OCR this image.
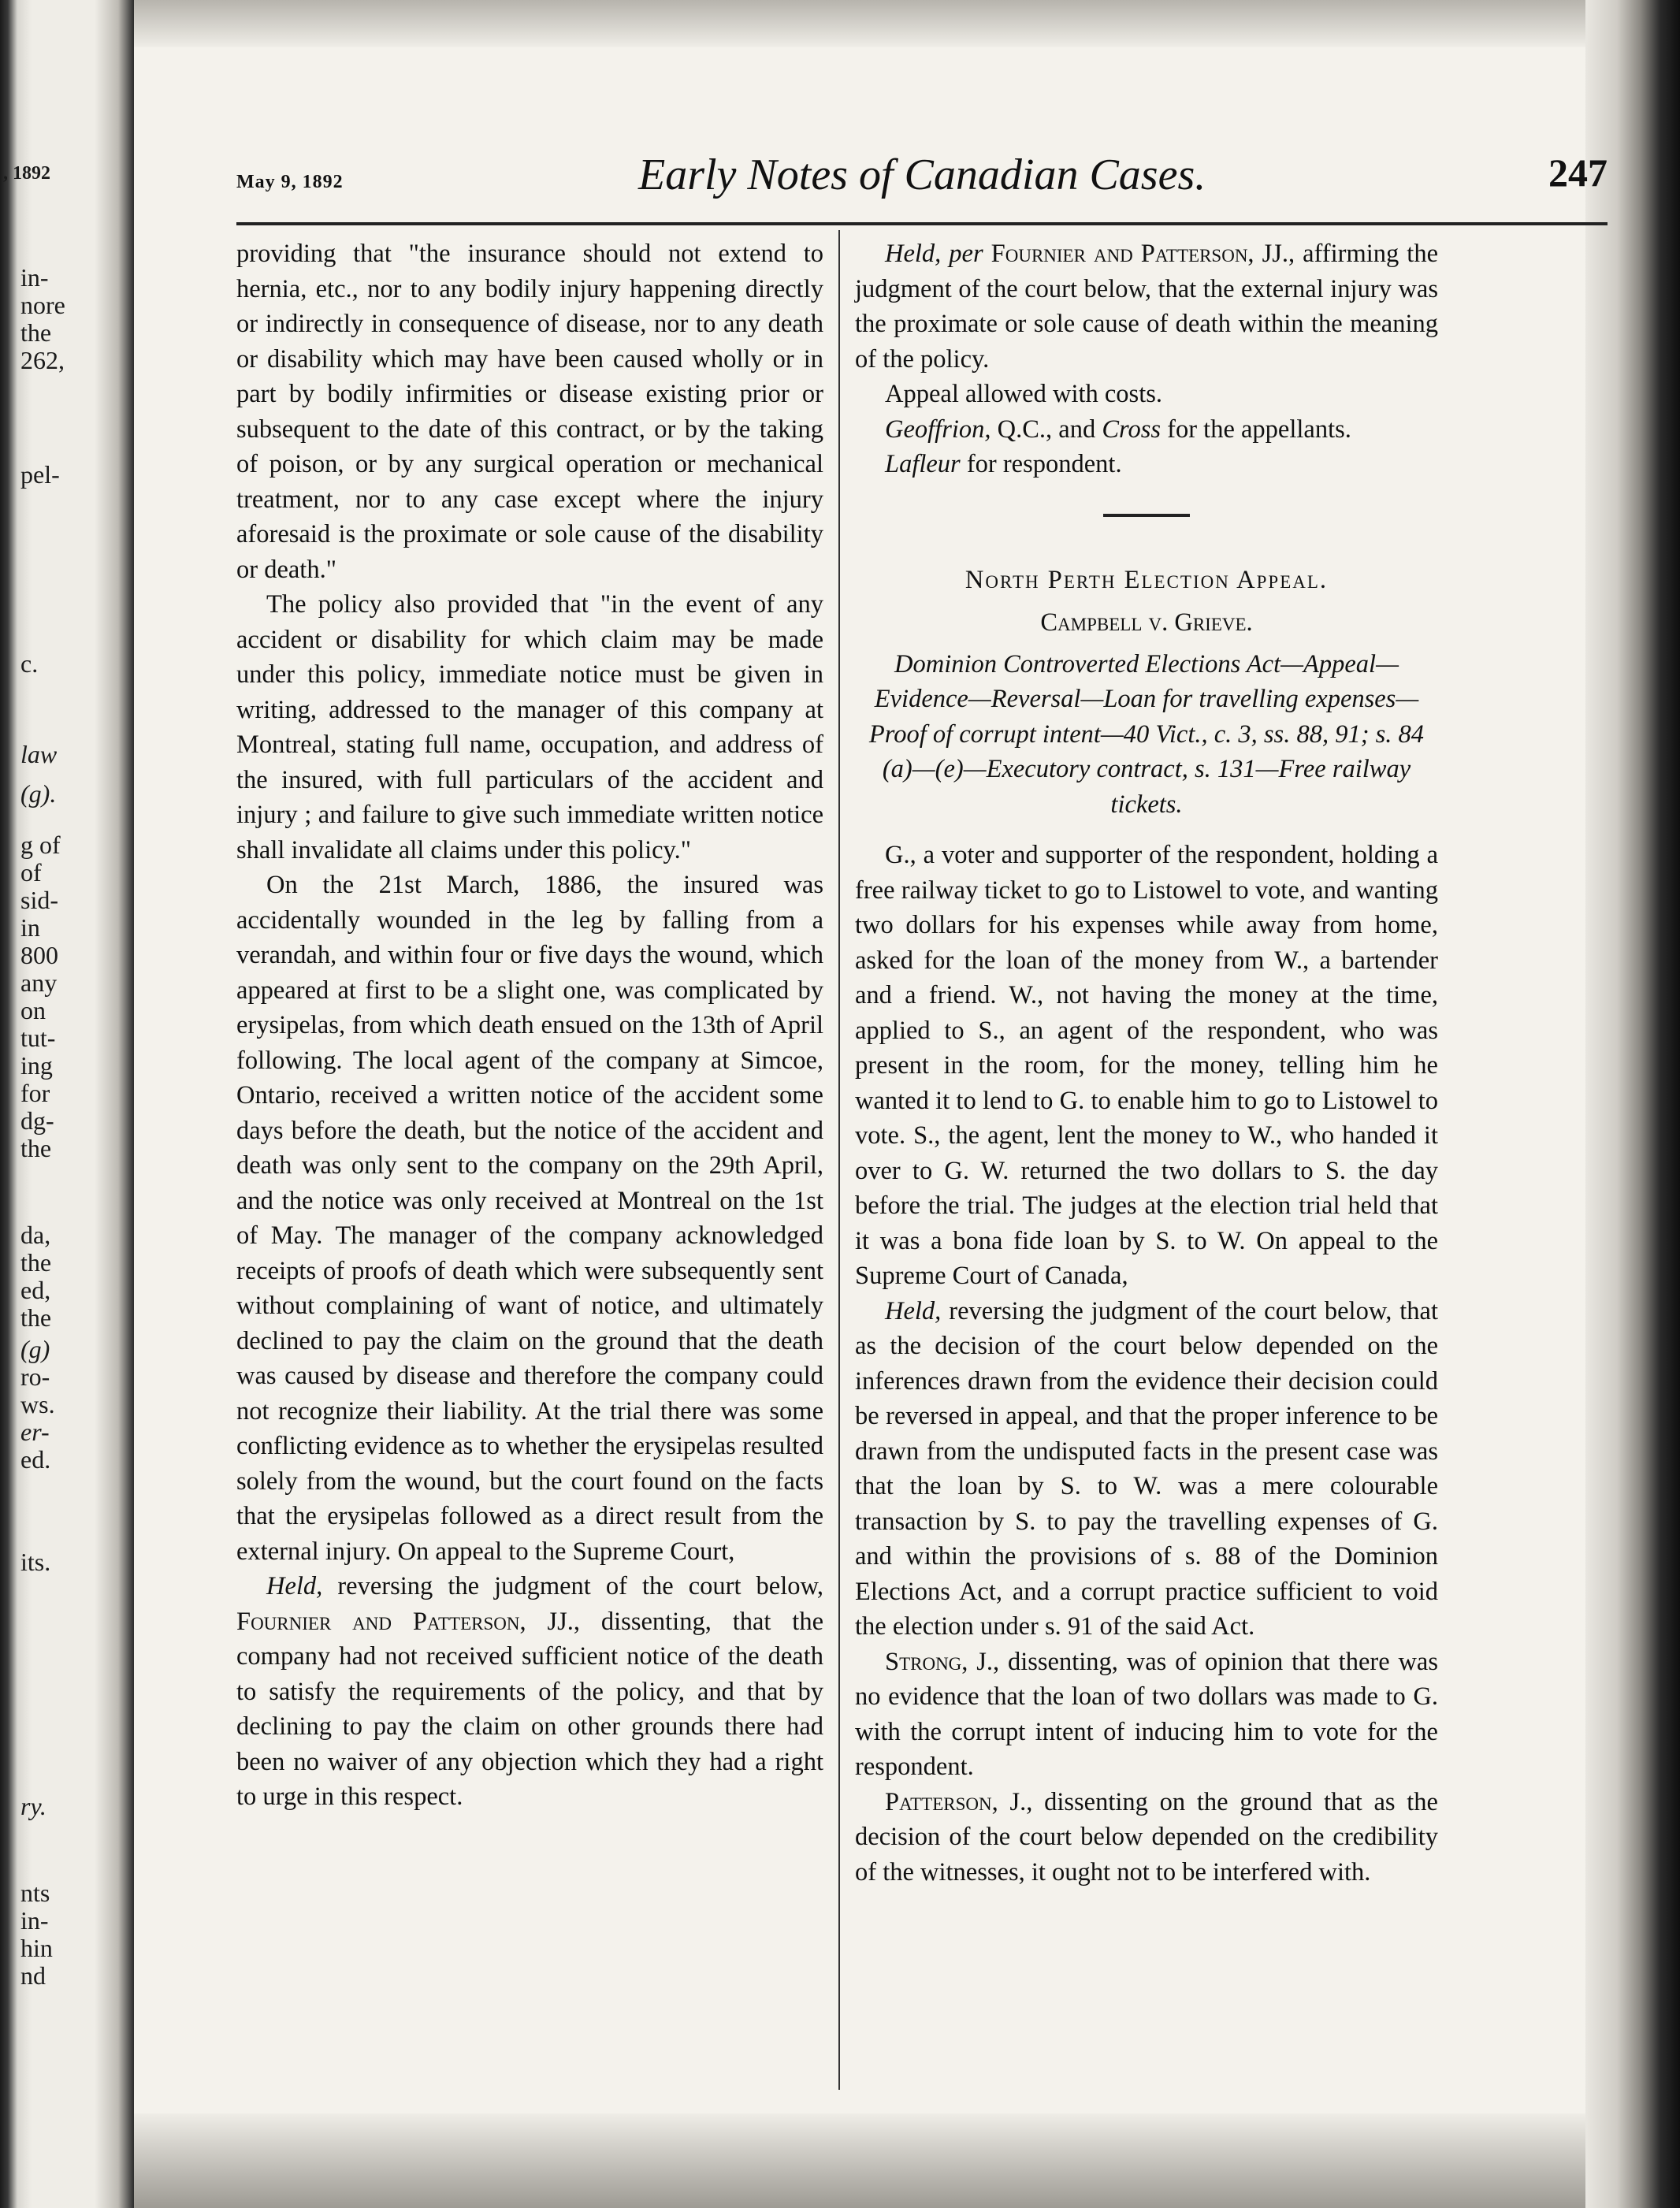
, 1892
in-
nore
the
262,
pel-
c.
law
(g).
g of
of
sid-
in
800
any
on
tut-
ing
for
dg-
the
da,
the
ed,
the
(g)
ro-
ws.
er-
ed.
its.
ry.
nts
in-
hin
nd
May 9, 1892	Early Notes of Canadian Cases.	247

providing that "the insurance should not extend to hernia, etc., nor to any bodily injury happening directly or indirectly in consequence of disease, nor to any death or disability which may have been caused wholly or in part by bodily infirmities or disease existing prior or subsequent to the date of this contract, or by the taking of poison, or by any surgical operation or mechanical treatment, nor to any case except where the injury aforesaid is the proximate or sole cause of the disability or death."

The policy also provided that "in the event of any accident or disability for which claim may be made under this policy, immediate notice must be given in writing, addressed to the manager of this company at Montreal, stating full name, occupation, and address of the insured, with full particulars of the accident and injury ; and failure to give such immediate written notice shall invalidate all claims under this policy."

On the 21st March, 1886, the insured was accidentally wounded in the leg by falling from a verandah, and within four or five days the wound, which appeared at first to be a slight one, was complicated by erysipelas, from which death ensued on the 13th of April following. The local agent of the company at Simcoe, Ontario, received a written notice of the accident some days before the death, but the notice of the accident and death was only sent to the company on the 29th April, and the notice was only received at Montreal on the 1st of May. The manager of the company acknowledged receipts of proofs of death which were subsequently sent without complaining of want of notice, and ultimately declined to pay the claim on the ground that the death was caused by disease and therefore the company could not recognize their liability. At the trial there was some conflicting evidence as to whether the erysipelas resulted solely from the wound, but the court found on the facts that the erysipelas followed as a direct result from the external injury. On appeal to the Supreme Court,

Held, reversing the judgment of the court below, Fournier and Patterson, JJ., dissenting, that the company had not received sufficient notice of the death to satisfy the requirements of the policy, and that by declining to pay the claim on other grounds there had been no waiver of any objection which they had a right to urge in this respect.

Held, per Fournier and Patterson, JJ., affirming the judgment of the court below, that the external injury was the proximate or sole cause of death within the meaning of the policy.

Appeal allowed with costs.

Geoffrion, Q.C., and Cross for the appellants.

Lafleur for respondent.

North Perth Election Appeal.

Campbell v. Grieve.

Dominion Controverted Elections Act—Appeal—Evidence—Reversal—Loan for travelling expenses—Proof of corrupt intent—40 Vict., c. 3, ss. 88, 91; s. 84 (a)—(e)—Executory contract, s. 131—Free railway tickets.

G., a voter and supporter of the respondent, holding a free railway ticket to go to Listowel to vote, and wanting two dollars for his expenses while away from home, asked for the loan of the money from W., a bartender and a friend. W., not having the money at the time, applied to S., an agent of the respondent, who was present in the room, for the money, telling him he wanted it to lend to G. to enable him to go to Listowel to vote. S., the agent, lent the money to W., who handed it over to G. W. returned the two dollars to S. the day before the trial. The judges at the election trial held that it was a bona fide loan by S. to W. On appeal to the Supreme Court of Canada,

Held, reversing the judgment of the court below, that as the decision of the court below depended on the inferences drawn from the evidence their decision could be reversed in appeal, and that the proper inference to be drawn from the undisputed facts in the present case was that the loan by S. to W. was a mere colourable transaction by S. to pay the travelling expenses of G. and within the provisions of s. 88 of the Dominion Elections Act, and a corrupt practice sufficient to void the election under s. 91 of the said Act.

Strong, J., dissenting, was of opinion that there was no evidence that the loan of two dollars was made to G. with the corrupt intent of inducing him to vote for the respondent.

Patterson, J., dissenting on the ground that as the decision of the court below depended on the credibility of the witnesses, it ought not to be interfered with.
